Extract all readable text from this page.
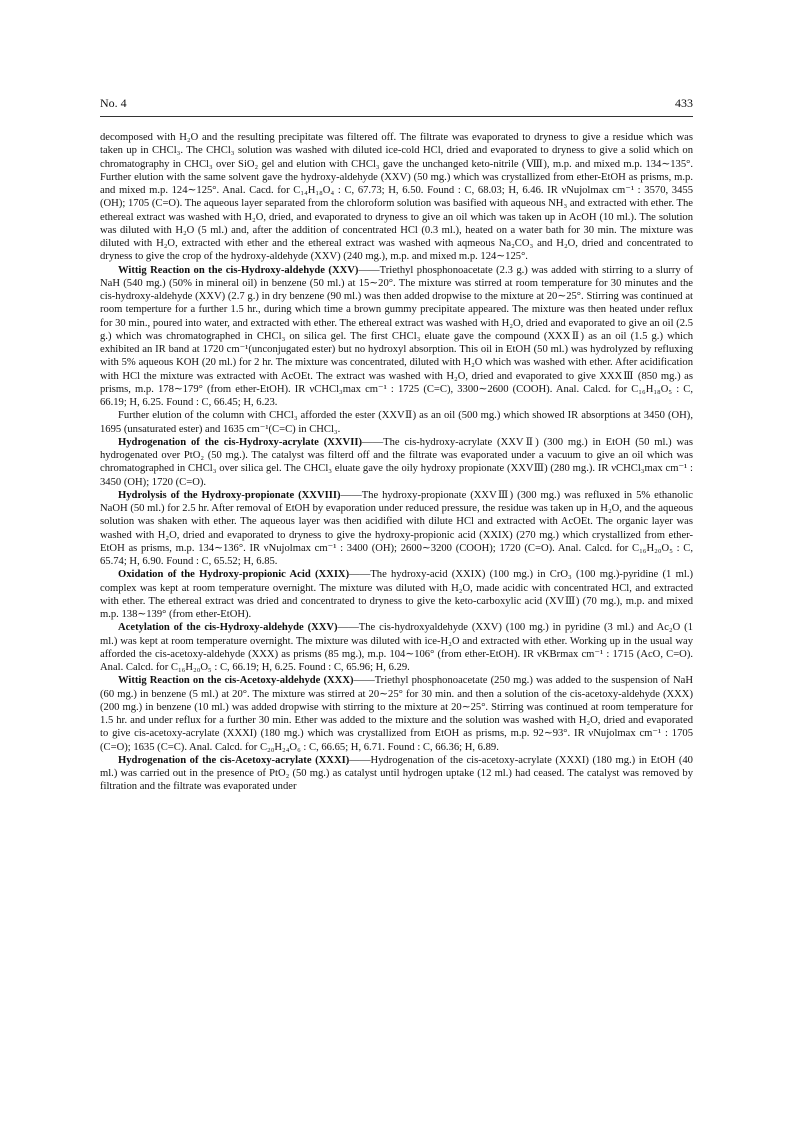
No. 4	433

decomposed with H₂O and the resulting precipitate was filtered off. The filtrate was evaporated to dryness to give a residue which was taken up in CHCl₃. The CHCl₃ solution was washed with diluted ice-cold HCl, dried and evaporated to dryness to give a solid which on chromatography in CHCl₃ over SiO₂ gel and elution with CHCl₃ gave the unchanged keto-nitrile (Ⅷ), m.p. and mixed m.p. 134∼135°. Further elution with the same solvent gave the hydroxy-aldehyde (XXV) (50 mg.) which was crystallized from ether-EtOH as prisms, m.p. and mixed m.p. 124∼125°. Anal. Cacd. for C₁₄H₁₈O₄ : C, 67.73; H, 6.50. Found : C, 68.03; H, 6.46. IR νNujolmax cm⁻¹ : 3570, 3455 (OH); 1705 (C=O). The aqueous layer separated from the chloroform solution was basified with aqueous NH₃ and extracted with ether. The ethereal extract was washed with H₂O, dried, and evaporated to dryness to give an oil which was taken up in AcOH (10 ml.). The solution was diluted with H₂O (5 ml.) and, after the addition of concentrated HCl (0.3 ml.), heated on a water bath for 30 min. The mixture was diluted with H₂O, extracted with ether and the ethereal extract was washed with aqmeous Na₂CO₃ and H₂O, dried and concentrated to dryness to give the crop of the hydroxy-aldehyde (XXV) (240 mg.), m.p. and mixed m.p. 124∼125°.

Wittig Reaction on the cis-Hydroxy-aldehyde (XXV)——Triethyl phosphonoacetate (2.3 g.) was added with stirring to a slurry of NaH (540 mg.) (50% in mineral oil) in benzene (50 ml.) at 15∼20°. The mixture was stirred at room temperature for 30 minutes and the cis-hydroxy-aldehyde (XXV) (2.7 g.) in dry benzene (90 ml.) was then added dropwise to the mixture at 20∼25°. Stirring was continued at room temperture for a further 1.5 hr., during which time a brown gummy precipitate appeared. The mixture was then heated under reflux for 30 min., poured into water, and extracted with ether. The ethereal extract was washed with H₂O, dried and evaporated to give an oil (2.5 g.) which was chromatographed in CHCl₃ on silica gel. The first CHCl₃ eluate gave the compound (XXXⅡ) as an oil (1.5 g.) which exhibited an IR band at 1720 cm⁻¹(unconjugated ester) but no hydroxyl absorption. This oil in EtOH (50 ml.) was hydrolyzed by refluxing with 5% aqueous KOH (20 ml.) for 2 hr. The mixture was concentrated, diluted with H₂O which was washed with ether. After acidification with HCl the mixture was extracted with AcOEt. The extract was washed with H₂O, dried and evaporated to give XXXⅢ (850 mg.) as prisms, m.p. 178∼179° (from ether-EtOH). IR νCHCl₃max cm⁻¹ : 1725 (C=C), 3300∼2600 (COOH). Anal. Calcd. for C₁₆H₁₈O₅ : C, 66.19; H, 6.25. Found : C, 66.45; H, 6.23.

Further elution of the column with CHCl₃ afforded the ester (XXVⅡ) as an oil (500 mg.) which showed IR absorptions at 3450 (OH), 1695 (unsaturated ester) and 1635 cm⁻¹(C=C) in CHCl₃.

Hydrogenation of the cis-Hydroxy-acrylate (XXVII)——The cis-hydroxy-acrylate (XXVⅡ) (300 mg.) in EtOH (50 ml.) was hydrogenated over PtO₂ (50 mg.). The catalyst was filterd off and the filtrate was evaporated under a vacuum to give an oil which was chromatographed in CHCl₃ over silica gel. The CHCl₃ eluate gave the oily hydroxy propionate (XXVⅢ) (280 mg.). IR νCHCl₃max cm⁻¹ : 3450 (OH); 1720 (C=O).

Hydrolysis of the Hydroxy-propionate (XXVIII)——The hydroxy-propionate (XXVⅢ) (300 mg.) was refluxed in 5% ethanolic NaOH (50 ml.) for 2.5 hr. After removal of EtOH by evaporation under reduced pressure, the residue was taken up in H₂O, and the aqueous solution was shaken with ether. The aqueous layer was then acidified with dilute HCl and extracted with AcOEt. The organic layer was washed with H₂O, dried and evaporated to dryness to give the hydroxy-propionic acid (XXIX) (270 mg.) which crystallized from ether-EtOH as prisms, m.p. 134∼136°. IR νNujolmax cm⁻¹ : 3400 (OH); 2600∼3200 (COOH); 1720 (C=O). Anal. Calcd. for C₁₆H₂₀O₅ : C, 65.74; H, 6.90. Found : C, 65.52; H, 6.85.

Oxidation of the Hydroxy-propionic Acid (XXIX)——The hydroxy-acid (XXIX) (100 mg.) in CrO₃ (100 mg.)-pyridine (1 ml.) complex was kept at room temperature overnight. The mixture was diluted with H₂O, made acidic with concentrated HCl, and extracted with ether. The ethereal extract was dried and concentrated to dryness to give the keto-carboxylic acid (XVⅢ) (70 mg.), m.p. and mixed m.p. 138∼139° (from ether-EtOH).

Acetylation of the cis-Hydroxy-aldehyde (XXV)——The cis-hydroxyaldehyde (XXV) (100 mg.) in pyridine (3 ml.) and Ac₂O (1 ml.) was kept at room temperature overnight. The mixture was diluted with ice-H₂O and extracted with ether. Working up in the usual way afforded the cis-acetoxy-aldehyde (XXX) as prisms (85 mg.), m.p. 104∼106° (from ether-EtOH). IR νKBrmax cm⁻¹ : 1715 (AcO, C=O). Anal. Calcd. for C₁₆H₂₀O₅ : C, 66.19; H, 6.25. Found : C, 65.96; H, 6.29.

Wittig Reaction on the cis-Acetoxy-aldehyde (XXX)——Triethyl phosphonoacetate (250 mg.) was added to the suspension of NaH (60 mg.) in benzene (5 ml.) at 20°. The mixture was stirred at 20∼25° for 30 min. and then a solution of the cis-acetoxy-aldehyde (XXX) (200 mg.) in benzene (10 ml.) was added dropwise with stirring to the mixture at 20∼25°. Stirring was continued at room temperature for 1.5 hr. and under reflux for a further 30 min. Ether was added to the mixture and the solution was washed with H₂O, dried and evaporated to give cis-acetoxy-acrylate (XXXI) (180 mg.) which was crystallized from EtOH as prisms, m.p. 92∼93°. IR νNujolmax cm⁻¹ : 1705 (C=O); 1635 (C=C). Anal. Calcd. for C₂₀H₂₄O₆ : C, 66.65; H, 6.71. Found : C, 66.36; H, 6.89.

Hydrogenation of the cis-Acetoxy-acrylate (XXXI)——Hydrogenation of the cis-acetoxy-acrylate (XXXI) (180 mg.) in EtOH (40 ml.) was carried out in the presence of PtO₂ (50 mg.) as catalyst until hydrogen uptake (12 ml.) had ceased. The catalyst was removed by filtration and the filtrate was evaporated under
